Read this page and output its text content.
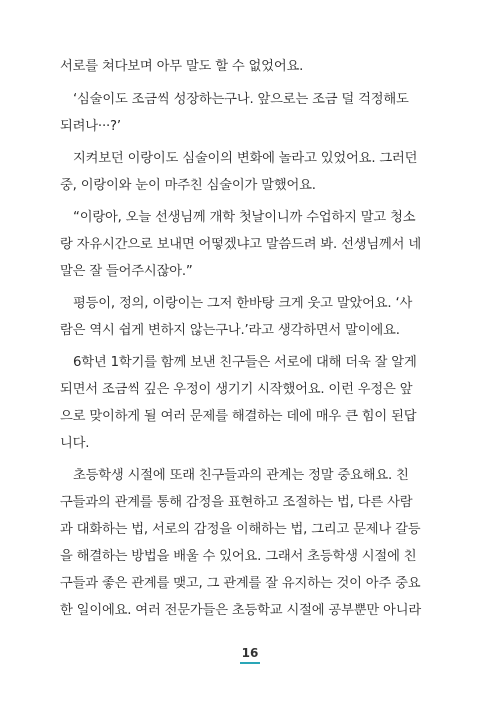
서로를 쳐다보며 아무 말도 할 수 없었어요.
‘심술이도 조금씩 성장하는구나. 앞으로는 조금 덜 걱정해도
되려나···?’
지켜보던 이랑이도 심술이의 변화에 놀라고 있었어요. 그러던
중, 이랑이와 눈이 마주친 심술이가 말했어요.
“이랑아, 오늘 선생님께 개학 첫날이니까 수업하지 말고 청소
랑 자유시간으로 보내면 어떻겠냐고 말씀드려 봐. 선생님께서 네
말은 잘 들어주시잖아.”
평등이, 정의, 이랑이는 그저 한바탕 크게 웃고 말았어요. ‘사
람은 역시 쉽게 변하지 않는구나.’라고 생각하면서 말이에요.
6학년 1학기를 함께 보낸 친구들은 서로에 대해 더욱 잘 알게
되면서 조금씩 깊은 우정이 생기기 시작했어요. 이런 우정은 앞
으로 맞이하게 될 여러 문제를 해결하는 데에 매우 큰 힘이 된답
니다.
초등학생 시절에 또래 친구들과의 관계는 정말 중요해요. 친
구들과의 관계를 통해 감정을 표현하고 조절하는 법, 다른 사람
과 대화하는 법, 서로의 감정을 이해하는 법, 그리고 문제나 갈등
을 해결하는 방법을 배울 수 있어요. 그래서 초등학생 시절에 친
구들과 좋은 관계를 맺고, 그 관계를 잘 유지하는 것이 아주 중요
한 일이에요. 여러 전문가들은 초등학교 시절에 공부뿐만 아니라
16
